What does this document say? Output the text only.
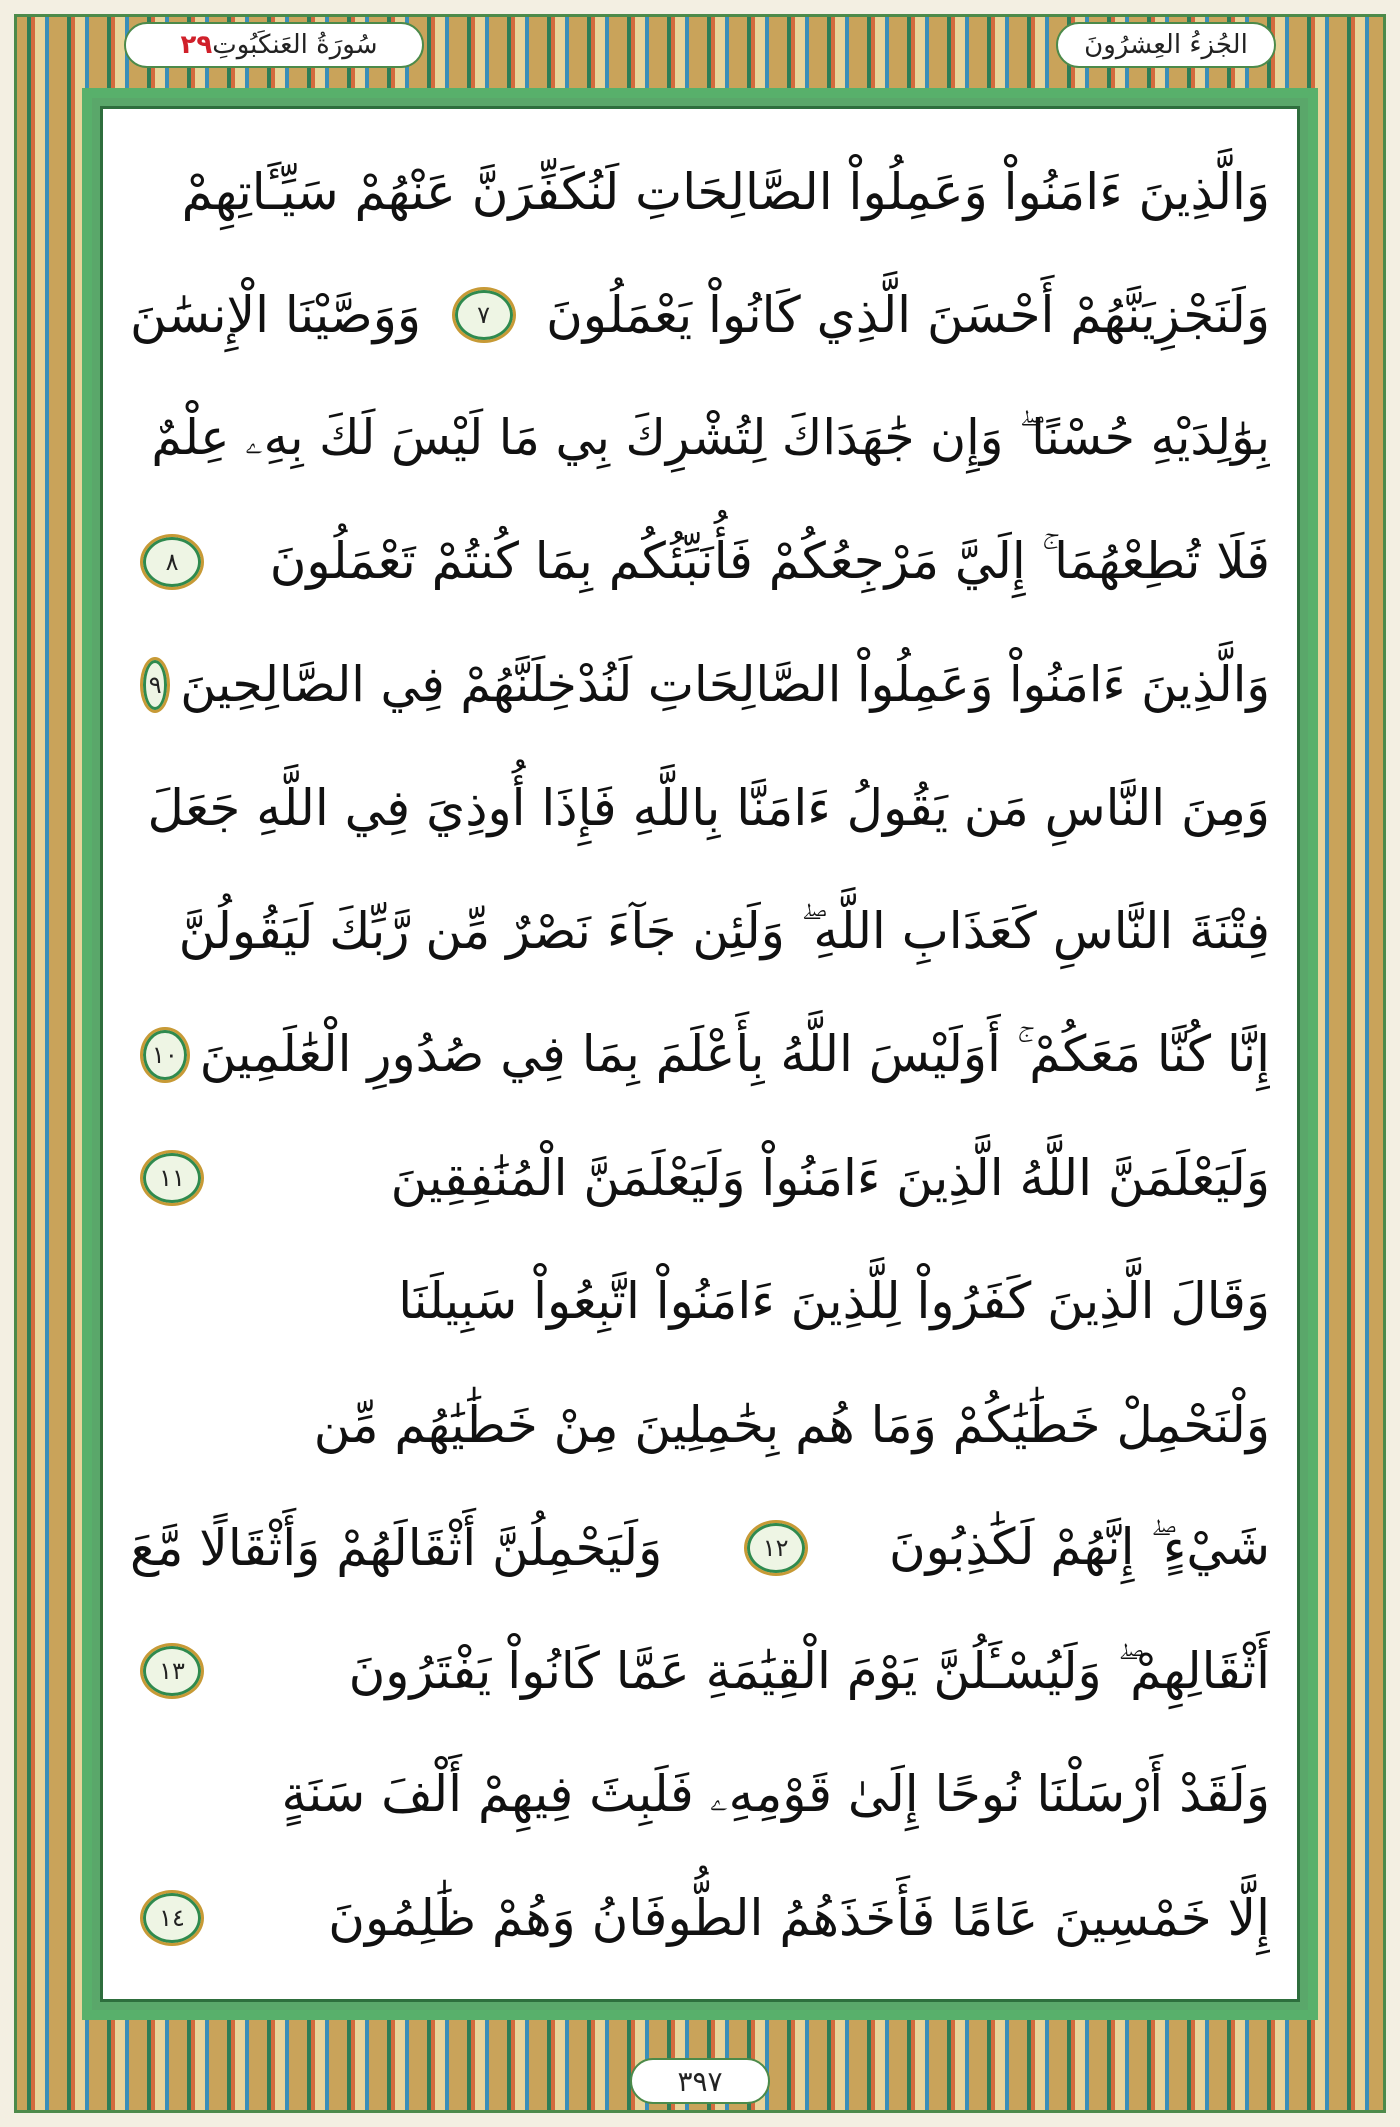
الجُزءُ العِشرُونَ
سُورَةُ العَنكَبُوتِ
٢٩
وَالَّذِينَ ءَامَنُواْ وَعَمِلُواْ الصَّالِحَاتِ لَنُكَفِّرَنَّ عَنْهُمْ سَيِّـَٔاتِهِمْ
وَلَنَجْزِيَنَّهُمْ أَحْسَنَ الَّذِي كَانُواْ يَعْمَلُونَ
٧
وَوَصَّيْنَا الْإِنسَٰنَ
بِوَٰلِدَيْهِ حُسْنًا ۖ وَإِن جَٰهَدَاكَ لِتُشْرِكَ بِي مَا لَيْسَ لَكَ بِهِۦ عِلْمٌ
فَلَا تُطِعْهُمَا ۚ إِلَيَّ مَرْجِعُكُمْ فَأُنَبِّئُكُم بِمَا كُنتُمْ تَعْمَلُونَ
٨
وَالَّذِينَ ءَامَنُواْ وَعَمِلُواْ الصَّالِحَاتِ لَنُدْخِلَنَّهُمْ فِي الصَّالِحِينَ
٩
وَمِنَ النَّاسِ مَن يَقُولُ ءَامَنَّا بِاللَّهِ فَإِذَا أُوذِيَ فِي اللَّهِ جَعَلَ
فِتْنَةَ النَّاسِ كَعَذَابِ اللَّهِ ۖ وَلَئِن جَآءَ نَصْرٌ مِّن رَّبِّكَ لَيَقُولُنَّ
إِنَّا كُنَّا مَعَكُمْ ۚ أَوَلَيْسَ اللَّهُ بِأَعْلَمَ بِمَا فِي صُدُورِ الْعَٰلَمِينَ
١٠
وَلَيَعْلَمَنَّ اللَّهُ الَّذِينَ ءَامَنُواْ وَلَيَعْلَمَنَّ الْمُنَٰفِقِينَ
١١
وَقَالَ الَّذِينَ كَفَرُواْ لِلَّذِينَ ءَامَنُواْ اتَّبِعُواْ سَبِيلَنَا
وَلْنَحْمِلْ خَطَٰيَٰكُمْ وَمَا هُم بِحَٰمِلِينَ مِنْ خَطَٰيَٰهُم مِّن
شَيْءٍ ۖ إِنَّهُمْ لَكَٰذِبُونَ
١٢
وَلَيَحْمِلُنَّ أَثْقَالَهُمْ وَأَثْقَالًا مَّعَ
أَثْقَالِهِمْ ۖ وَلَيُسْـَٔلُنَّ يَوْمَ الْقِيَٰمَةِ عَمَّا كَانُواْ يَفْتَرُونَ
١٣
وَلَقَدْ أَرْسَلْنَا نُوحًا إِلَىٰ قَوْمِهِۦ فَلَبِثَ فِيهِمْ أَلْفَ سَنَةٍ
إِلَّا خَمْسِينَ عَامًا فَأَخَذَهُمُ الطُّوفَانُ وَهُمْ ظَٰلِمُونَ
١٤
٣٩٧
